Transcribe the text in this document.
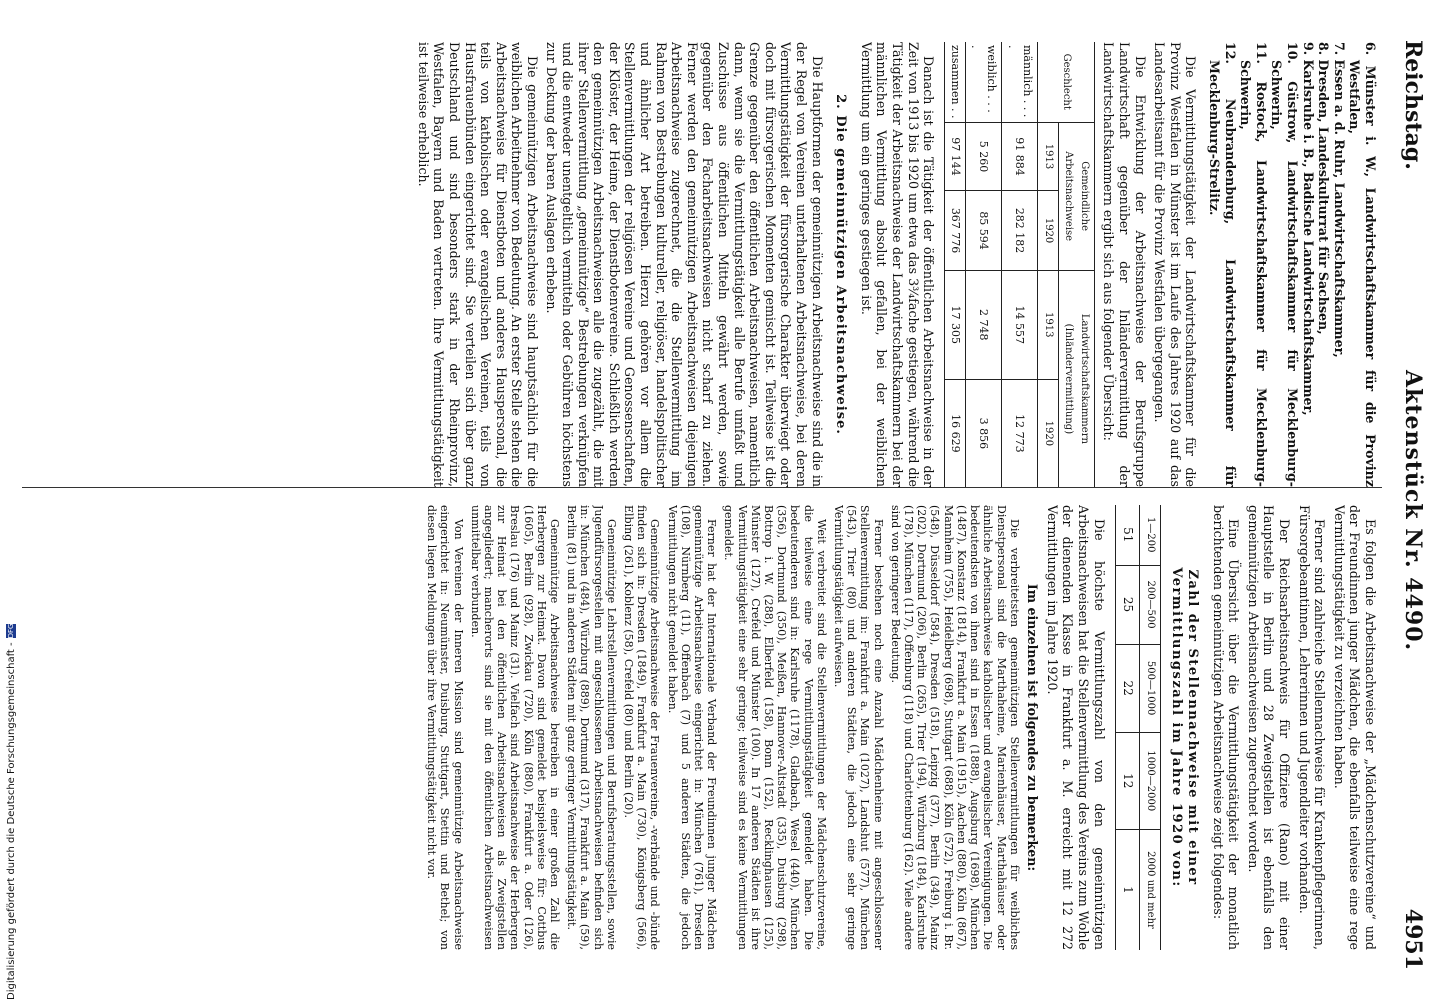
Reichstag.
Aktenstück Nr. 4490.
4951

6. Münster i. W., Landwirtschaftskammer für die Provinz Westfalen,

7. Essen a. d. Ruhr, Landwirtschaftskammer,

8. Dresden, Landeskulturrat für Sachsen,

9. Karlsruhe i. B., Badische Landwirtschaftskammer,

10. Güstrow, Landwirtschaftskammer für Mecklenburg-Schwerin,

11. Rostock, Landwirtschaftskammer für Mecklenburg-Schwerin,

12. Neubrandenburg, Landwirtschaftskammer für Mecklenburg-Strelitz.

Die Vermittlungstätigkeit der Landwirtschaftskammer für die Provinz Westfalen in Münster ist im Laufe des Jahres 1920 auf das Landesarbeitsamt für die Provinz Westfalen übergegangen.

Die Entwicklung der Arbeitsnachweise der Berufsgruppe Landwirtschaft gegenüber der Inländervermittlung der Landwirtschaftskammern ergibt sich aus folgender Übersicht:

Geschlecht	Gemeindliche Arbeitsnachweise		Landwirtschaftskammern (Inländervermittlung)	
	1913	1920	1913	1920
männlich . . . .	91 884	282 182	14 557	12 773
weiblich . . . .	5 260	85 594	2 748	3 856
zusammen . .	97 144	367 776	17 305	16 629

Danach ist die Tätigkeit der öffentlichen Arbeitsnachweise in der Zeit von 1913 bis 1920 um etwa das 3¾fache gestiegen, während die Tätigkeit der Arbeitsnachweise der Landwirtschaftskammern bei der männlichen Vermittlung absolut gefallen, bei der weiblichen Vermittlung um ein geringes gestiegen ist.

2. Die gemeinnützigen Arbeitsnachweise.

Die Hauptformen der gemeinnützigen Arbeitsnachweise sind die in der Regel von Vereinen unterhaltenen Arbeitsnachweise, bei deren Vermittlungstätigkeit der fürsorgerische Charakter überwiegt oder doch mit fürsorgerischen Momenten gemischt ist. Teilweise ist die Grenze gegenüber den öffentlichen Arbeitsnachweisen, namentlich dann, wenn sie die Vermittlungstätigkeit alle Berufe umfaßt und Zuschüsse aus öffentlichen Mitteln gewährt werden, sowie gegenüber den Facharbeitsnachweisen nicht scharf zu ziehen. Ferner werden den gemeinnützigen Arbeitsnachweisen diejenigen Arbeitsnachweise zugerechnet, die die Stellenvermittlung im Rahmen von Bestrebungen kultureller, religiöser, handelspolitischer und ähnlicher Art betreiben. Hierzu gehören vor allem die Stellenvermittlungen der religiösen Vereine und Genossenschaften, der Klöster, der Heime, der Dienstbotenvereine. Schließlich werden den gemeinnützigen Arbeitsnachweisen alle die zugezählt, die mit ihrer Stellenvermittlung „gemeinnützige“ Bestrebungen verknüpfen und die entweder unentgeltlich vermitteln oder Gebühren höchstens zur Deckung der baren Auslagen erheben.

Die gemeinnützigen Arbeitsnachweise sind hauptsächlich für die weiblichen Arbeitnehmer von Bedeutung. An erster Stelle stehen die Arbeitsnachweise für Dienstboten und anderes Hauspersonal, die teils von katholischen oder evangelischen Vereinen, teils von Hausfrauenbünden eingerichtet sind. Sie verteilen sich über ganz Deutschland und sind besonders stark in der Rheinprovinz, Westfalen, Bayern und Baden vertreten. Ihre Vermittlungstätigkeit ist teilweise erheblich.

Es folgen die Arbeitsnachweise der „Mädchenschutzvereine“ und der Freundinnen junger Mädchen, die ebenfalls teilweise eine rege Vermittlungstätigkeit zu verzeichnen haben.

Ferner sind zahlreiche Stellennachweise für Krankenpflegerinnen, Fürsorgebeamtinnen, Lehrerinnen und Jugendleiter vorhanden.

Der Reichsarbeitsnachweis für Offiziere (Rano) mit einer Hauptstelle in Berlin und 28 Zweigstellen ist ebenfalls den gemeinnützigen Arbeitsnachweisen zugerechnet worden.

Eine Übersicht über die Vermittlungstätigkeit der monatlich berichtenden gemeinnützigen Arbeitsnachweise zeigt folgendes:

Zahl der Stellennachweise mit einer Vermittlungszahl im Jahre 1920 von:
1—200	200—500	500—1000	1000—2000	2000 und mehr
51	25	22	12	1

Die höchste Vermittlungszahl von den gemeinnützigen Arbeitsnachweisen hat die Stellenvermittlung des Vereins zum Wohle der dienenden Klasse in Frankfurt a. M. erreicht mit 12 272 Vermittlungen im Jahre 1920.

Im einzelnen ist folgendes zu bemerken:

Die verbreitetsten gemeinnützigen Stellenvermittlungen für weibliches Dienstpersonal sind die Marthaheime, Marienhäuser, Marthahäuser oder ähnliche Arbeitsnachweise katholischer und evangelischer Vereinigungen. Die bedeutendsten von ihnen sind in Essen (1888), Augsburg (1698), München (1487), Konstanz (1814), Frankfurt a. Main (1915), Aachen (880), Köln (867), Mannheim (755), Heidelberg (698), Stuttgart (688), Köln (572), Freiburg i. Br. (548), Düsseldorf (584), Dresden (518), Leipzig (377), Berlin (349), Mainz (202), Dortmund (206), Berlin (265), Trier (194), Würzburg (184), Karlsruhe (178), München (117), Offenburg (118) und Charlottenburg (162). Viele andere sind von geringerer Bedeutung.

Ferner bestehen noch eine Anzahl Mädchenheime mit angeschlossener Stellenvermittlung im: Frankfurt a. Main (1027), Landshut (577), München (543), Trier (80) und anderen Städten, die jedoch eine sehr geringe Vermittlungstätigkeit aufweisen.

Weit verbreitet sind die Stellenvermittlungen der Mädchenschutzvereine, die teilweise eine rege Vermittlungstätigkeit gemeldet haben. Die bedeutenderen sind in: Karlsruhe (1178), Gladbach, Wesel (440), München (356), Dortmund (350), Meißen, Hannover-Altstadt (335), Duisburg (298), Bottrop i. W. (288), Elberfeld (158), Bonn (152), Recklinghausen (125), Münster (127), Crefeld und Münster (100). In 17 anderen Städten ist ihre Vermittlungstätigkeit eine sehr geringe; teilweise sind es keine Vermittlungen gemeldet.

Ferner hat der Internationale Verband der Freundinnen junger Mädchen gemeinnützige Arbeitsnachweise eingerichtet in: München (761), Dresden (108), Nürnberg (11), Offenbach (7) und 5 anderen Städten, die jedoch Vermittlungen nicht gemeldet haben.

Gemeinnützige Arbeitsnachweise der Frauenvereine, -verbände und -bünde finden sich in: Dresden (1849), Frankfurt a. Main (730), Königsberg (566), Elbing (261), Koblenz (58), Crefeld (80) und Berlin (20).

Gemeinnützige Lehrstellenvermittlungen und Berufsberatungsstellen, sowie Jugendfürsorgestellen mit angeschlossenen Arbeitsnachweisen befinden sich in: München (484), Würzburg (889), Dortmund (317), Frankfurt a. Main (59), Berlin (81) und in anderen Städten mit ganz geringer Vermittlungstätigkeit.

Gemeinnützige Arbeitsnachweise betreiben in einer großen Zahl die Herbergen zur Heimat. Davon sind gemeldet beispielsweise für: Cottbus (1605), Berlin (928), Zwickau (720), Köln (880), Frankfurt a. Oder (126), Breslau (176) und Mainz (31). Vielfach sind Arbeitsnachweise der Herbergen zur Heimat bei den öffentlichen Arbeitsnachweisen als Zweigstellen angegliedert; mancherorts sind sie mit den öffentlichen Arbeitsnachweisen unmittelbar verbunden.

Von Vereinen der Inneren Mission sind gemeinnützige Arbeitsnachweise eingerichtet in: Neumünster, Duisburg, Stuttgart, Stettin und Bethel; von diesen liegen Meldungen über ihre Vermittlungstätigkeit nicht vor.

Digitalisierung gefördert durch die Deutsche Forschungsgemeinschaft -DFG
